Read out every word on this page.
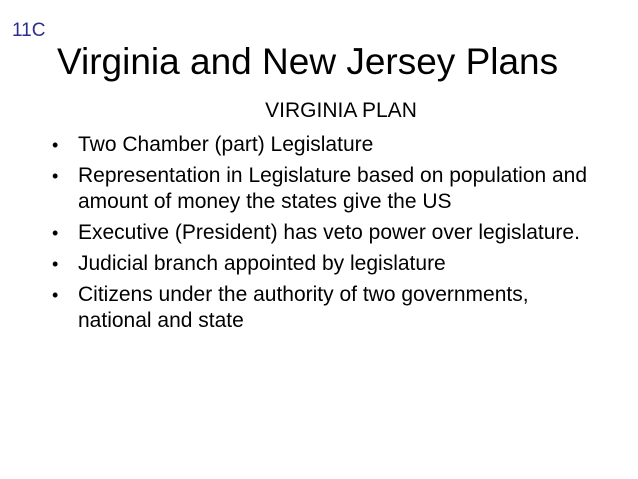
11C
Virginia and New Jersey Plans
VIRGINIA PLAN
• Two Chamber (part) Legislature
• Representation in Legislature based on population and amount of money the states give the US
• Executive (President) has veto power over legislature.
• Judicial branch appointed by legislature
• Citizens under the authority of two governments, national and state
